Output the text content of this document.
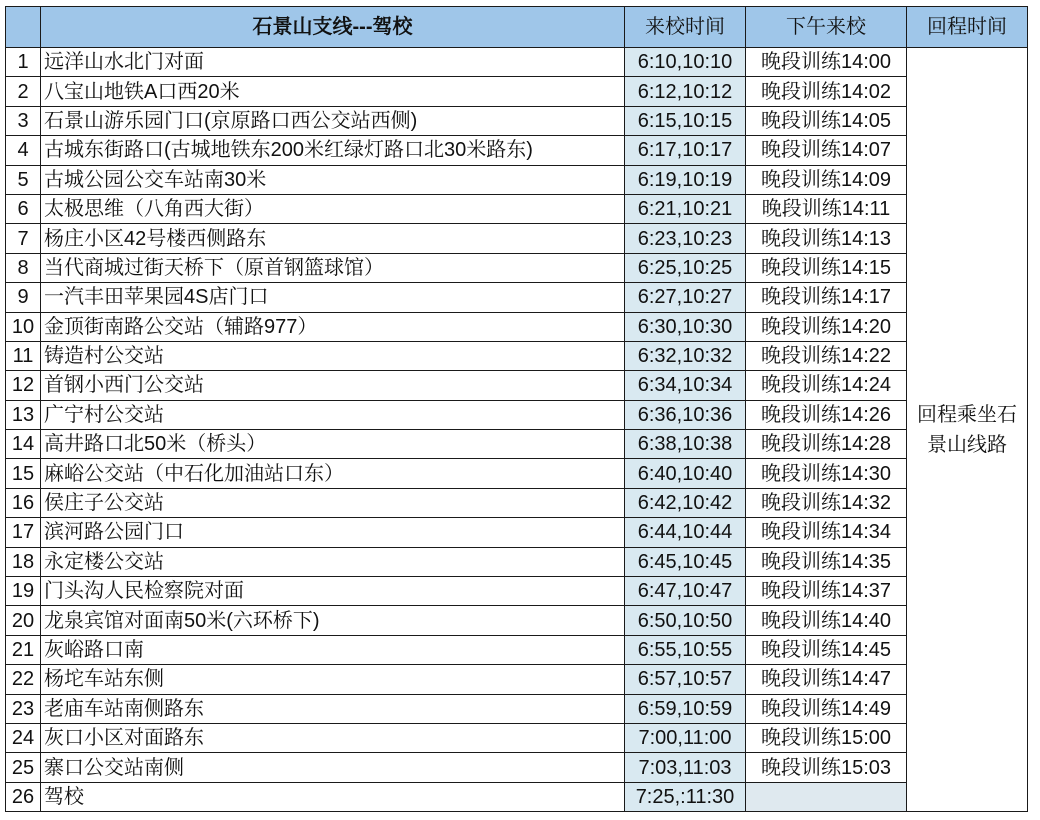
	石景山支线---驾校	来校时间	下午来校	回程时间
1	远洋山水北门对面	6:10,10:10	晚段训练14:00	回程乘坐石景山线路
2	八宝山地铁A口西20米	6:12,10:12	晚段训练14:02	
3	石景山游乐园门口(京原路口西公交站西侧)	6:15,10:15	晚段训练14:05	
4	古城东街路口(古城地铁东200米红绿灯路口北30米路东)	6:17,10:17	晚段训练14:07	
5	古城公园公交车站南30米	6:19,10:19	晚段训练14:09	
6	太极思维（八角西大街）	6:21,10:21	晚段训练14:11	
7	杨庄小区42号楼西侧路东	6:23,10:23	晚段训练14:13	
8	当代商城过街天桥下（原首钢篮球馆）	6:25,10:25	晚段训练14:15	
9	一汽丰田苹果园4S店门口	6:27,10:27	晚段训练14:17	
10	金顶街南路公交站（辅路977）	6:30,10:30	晚段训练14:20	
11	铸造村公交站	6:32,10:32	晚段训练14:22	
12	首钢小西门公交站	6:34,10:34	晚段训练14:24	
13	广宁村公交站	6:36,10:36	晚段训练14:26	
14	高井路口北50米（桥头）	6:38,10:38	晚段训练14:28	
15	麻峪公交站（中石化加油站口东）	6:40,10:40	晚段训练14:30	
16	侯庄子公交站	6:42,10:42	晚段训练14:32	
17	滨河路公园门口	6:44,10:44	晚段训练14:34	
18	永定楼公交站	6:45,10:45	晚段训练14:35	
19	门头沟人民检察院对面	6:47,10:47	晚段训练14:37	
20	龙泉宾馆对面南50米(六环桥下)	6:50,10:50	晚段训练14:40	
21	灰峪路口南	6:55,10:55	晚段训练14:45	
22	杨坨车站东侧	6:57,10:57	晚段训练14:47	
23	老庙车站南侧路东	6:59,10:59	晚段训练14:49	
24	灰口小区对面路东	7:00,11:00	晚段训练15:00	
25	寨口公交站南侧	7:03,11:03	晚段训练15:03	
26	驾校	7:25,:11:30		
